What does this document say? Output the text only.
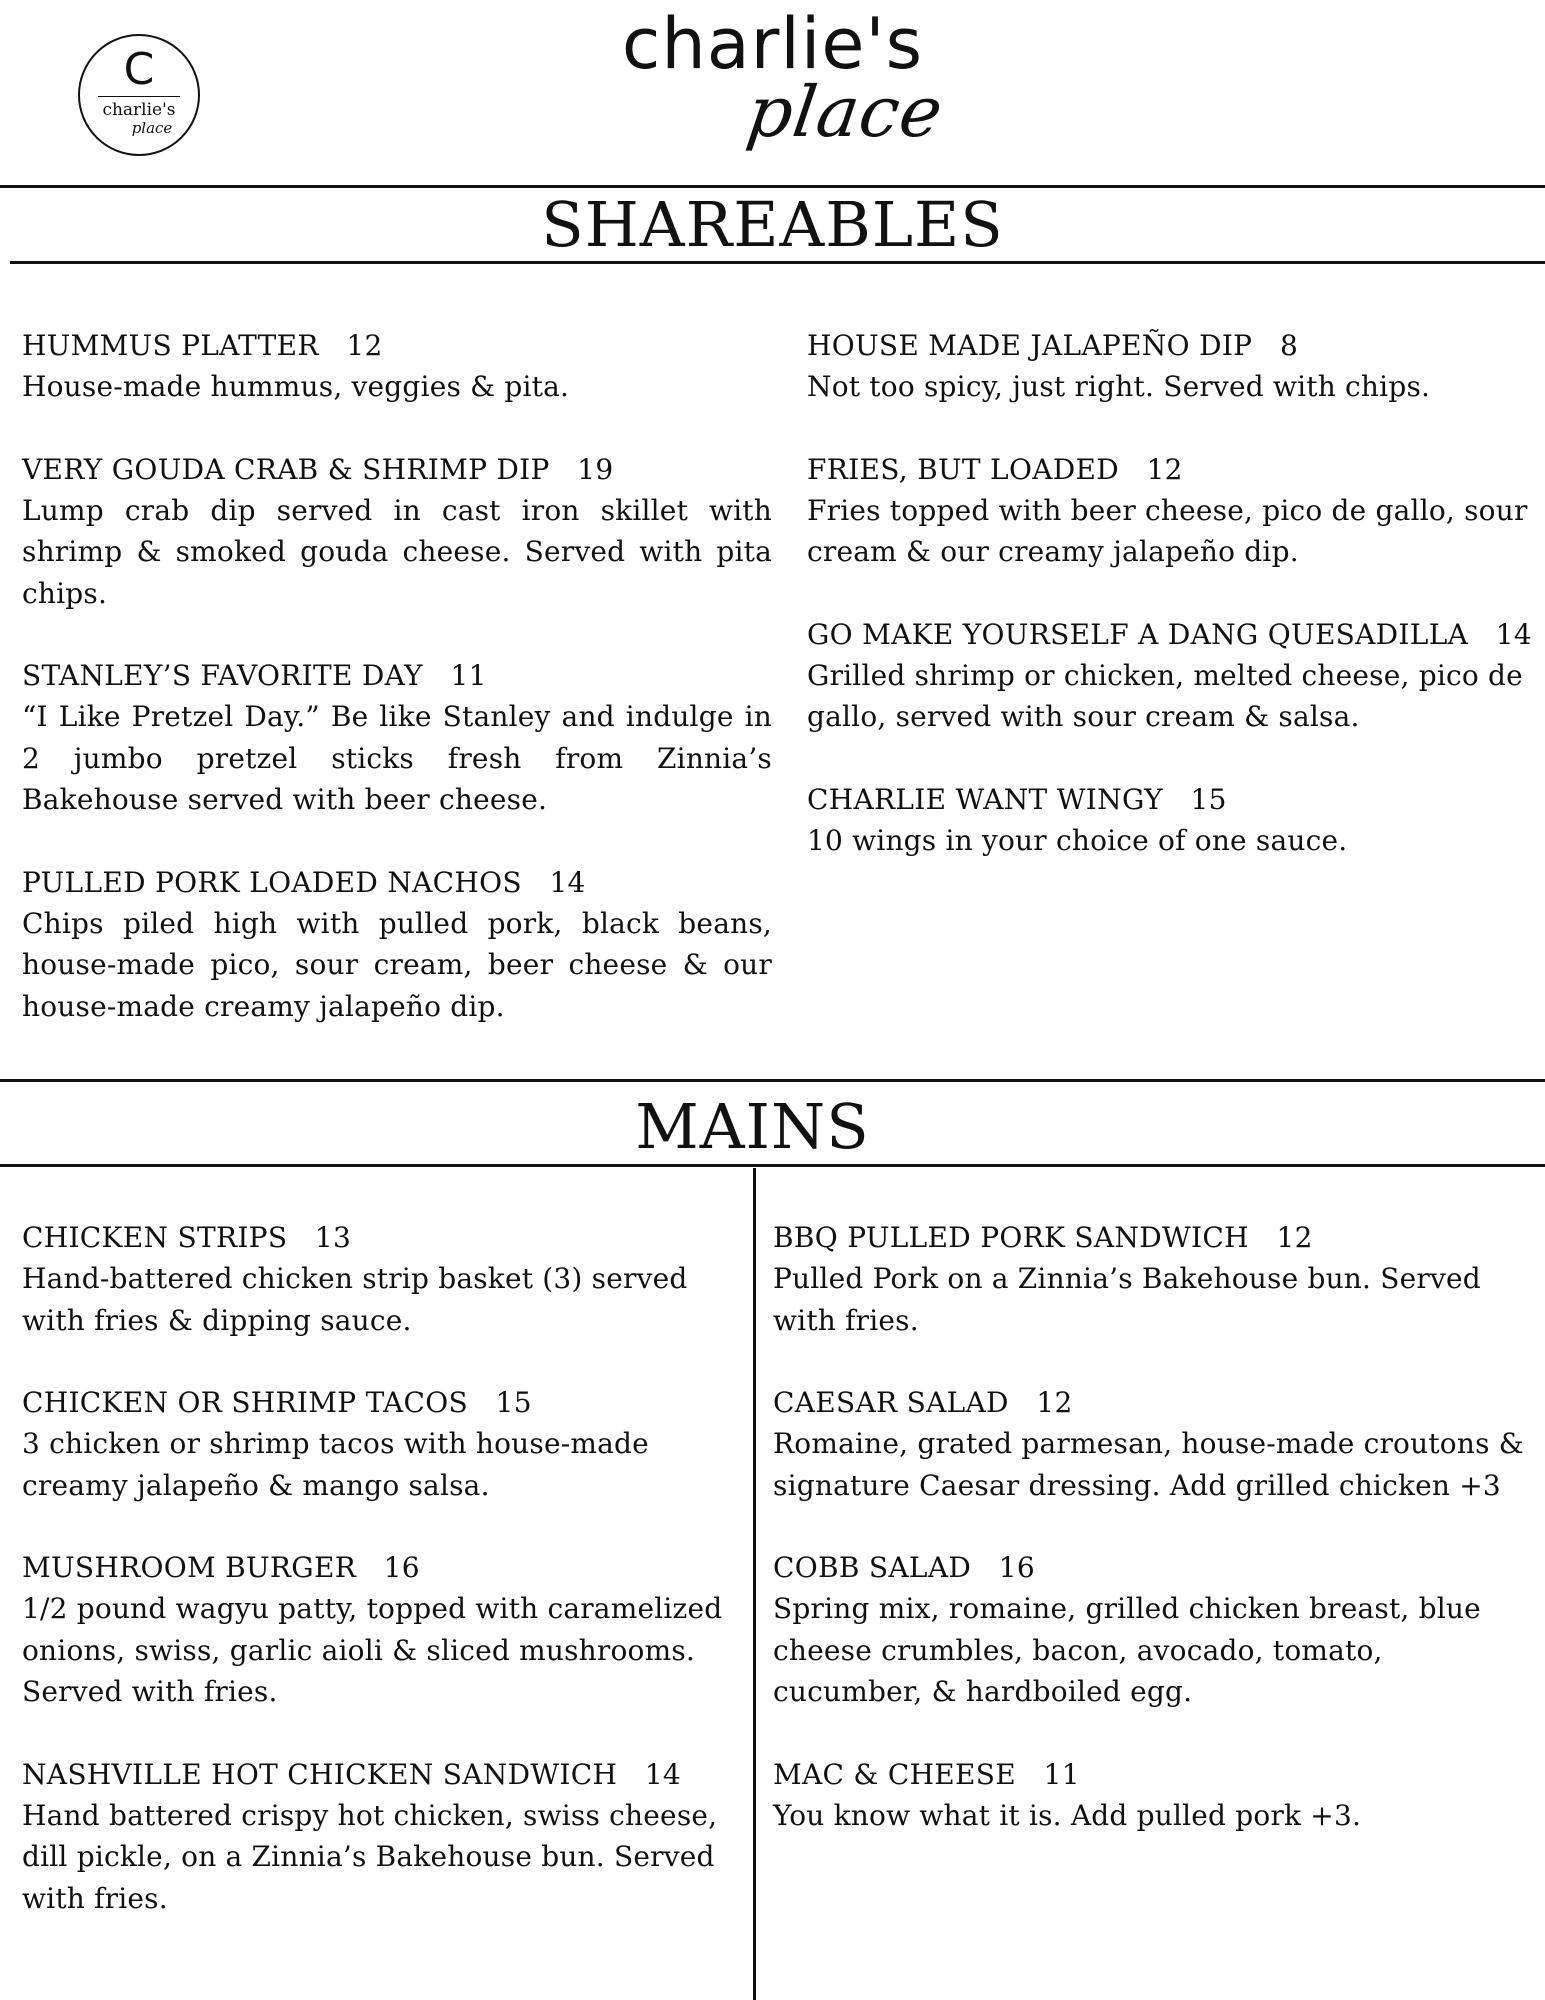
C
charlie's
place
charlie's
place
SHAREABLES
HUMMUS PLATTER 12
House-made hummus, veggies & pita.
VERY GOUDA CRAB & SHRIMP DIP 19
Lump crab dip served in cast iron skillet with shrimp & smoked gouda cheese. Served with pita chips.
STANLEY’S FAVORITE DAY 11
“I Like Pretzel Day.” Be like Stanley and indulge in 2 jumbo pretzel sticks fresh from Zinnia’s Bakehouse served with beer cheese.
PULLED PORK LOADED NACHOS 14
Chips piled high with pulled pork, black beans, house-made pico, sour cream, beer cheese & our house-made creamy jalapeño dip.
HOUSE MADE JALAPEÑO DIP 8
Not too spicy, just right. Served with chips.
FRIES, BUT LOADED 12
Fries topped with beer cheese, pico de gallo, sour cream & our creamy jalapeño dip.
GO MAKE YOURSELF A DANG QUESADILLA 14
Grilled shrimp or chicken, melted cheese, pico de gallo, served with sour cream & salsa.
CHARLIE WANT WINGY 15
10 wings in your choice of one sauce.
MAINS
CHICKEN STRIPS 13
Hand-battered chicken strip basket (3) served with fries & dipping sauce.
CHICKEN OR SHRIMP TACOS 15
3 chicken or shrimp tacos with house-made creamy jalapeño & mango salsa.
MUSHROOM BURGER 16
1/2 pound wagyu patty, topped with caramelized onions, swiss, garlic aioli & sliced mushrooms. Served with fries.
NASHVILLE HOT CHICKEN SANDWICH 14
Hand battered crispy hot chicken, swiss cheese, dill pickle, on a Zinnia’s Bakehouse bun. Served with fries.
BBQ PULLED PORK SANDWICH 12
Pulled Pork on a Zinnia’s Bakehouse bun. Served with fries.
CAESAR SALAD 12
Romaine, grated parmesan, house-made croutons & signature Caesar dressing. Add grilled chicken +3
COBB SALAD 16
Spring mix, romaine, grilled chicken breast, blue cheese crumbles, bacon, avocado, tomato, cucumber, & hardboiled egg.
MAC & CHEESE 11
You know what it is. Add pulled pork +3.
